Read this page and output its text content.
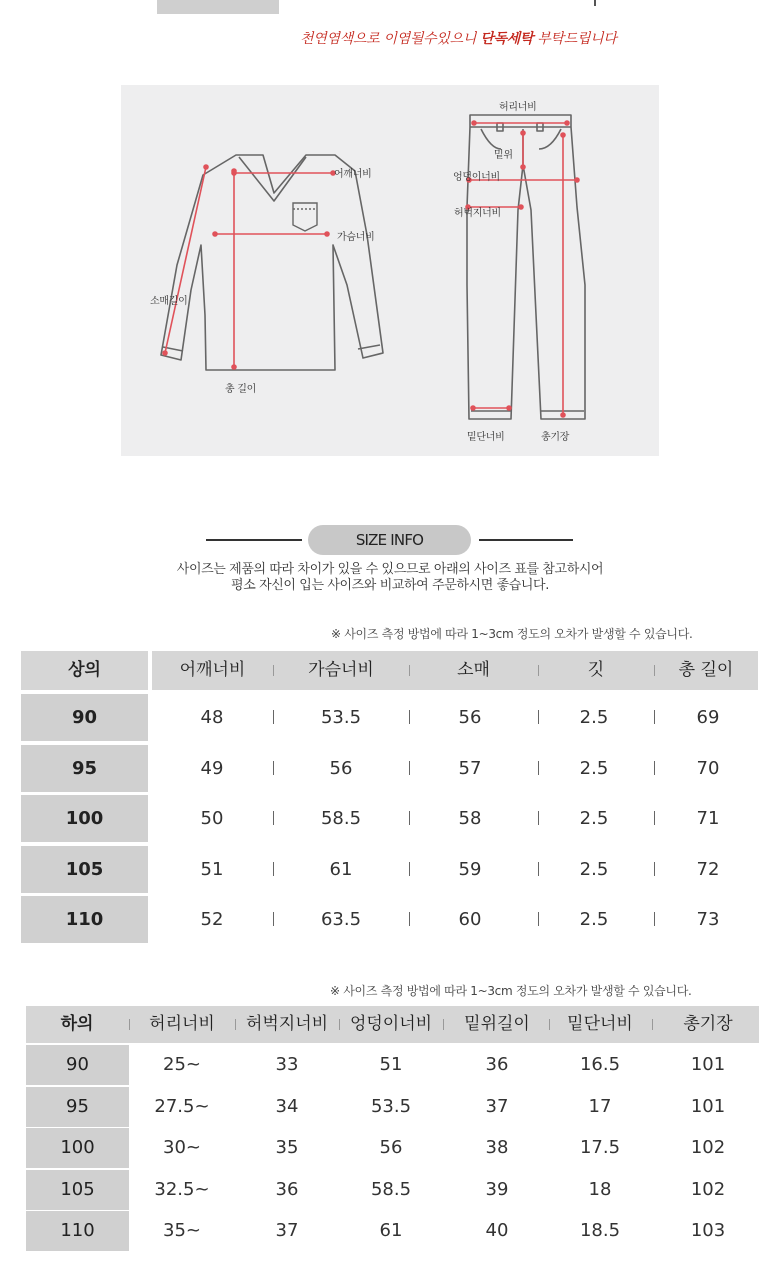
천연염색으로 이염될수있으니 단독세탁 부탁드립니다
어깨너비
가슴너비
소매길이
총 길이
허리너비
밑위
엉덩이너비
허벅지너비
밑단너비	총기장
SIZE INFO
사이즈는 제품의 따라 차이가 있을 수 있으므로 아래의 사이즈 표를 참고하시어
평소 자신이 입는 사이즈와 비교하여 주문하시면 좋습니다.
※ 사이즈 측정 방법에 따라 1~3cm 정도의 오차가 발생할 수 있습니다.
상의	어깨너비	가슴너비	소매	깃	총 길이
90	48	53.5	56	2.5	69
95	49	56	57	2.5	70
100	50	58.5	58	2.5	71
105	51	61	59	2.5	72
110	52	63.5	60	2.5	73
※ 사이즈 측정 방법에 따라 1~3cm 정도의 오차가 발생할 수 있습니다.
하의	허리너비	허벅지너비	엉덩이너비	밑위길이	밑단너비	총기장
90	25~	33	51	36	16.5	101
95	27.5~	34	53.5	37	17	101
100	30~	35	56	38	17.5	102
105	32.5~	36	58.5	39	18	102
110	35~	37	61	40	18.5	103
